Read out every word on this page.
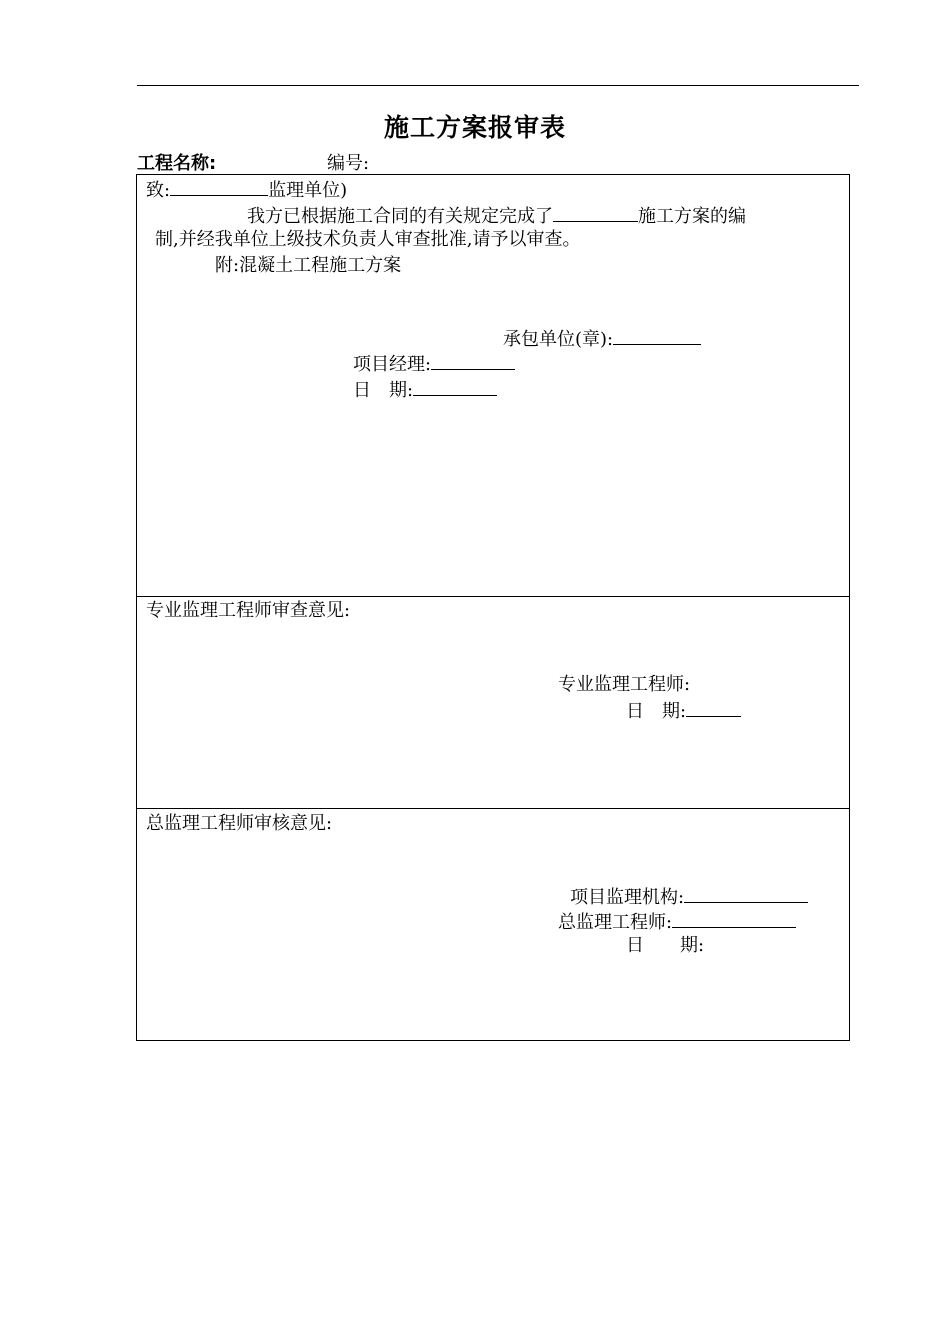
施工方案报审表
工程名称:	编号:
致:	监理单位)
我方已根据施工合同的有关规定完成了	施工方案的编
制,并经我单位上级技术负责人审查批准,请予以审查。
附:混凝土工程施工方案
承包单位(章):
项目经理:
日　期:
专业监理工程师审查意见:
专业监理工程师:
日　期:
总监理工程师审核意见:
项目监理机构:
总监理工程师:
日　　期:
